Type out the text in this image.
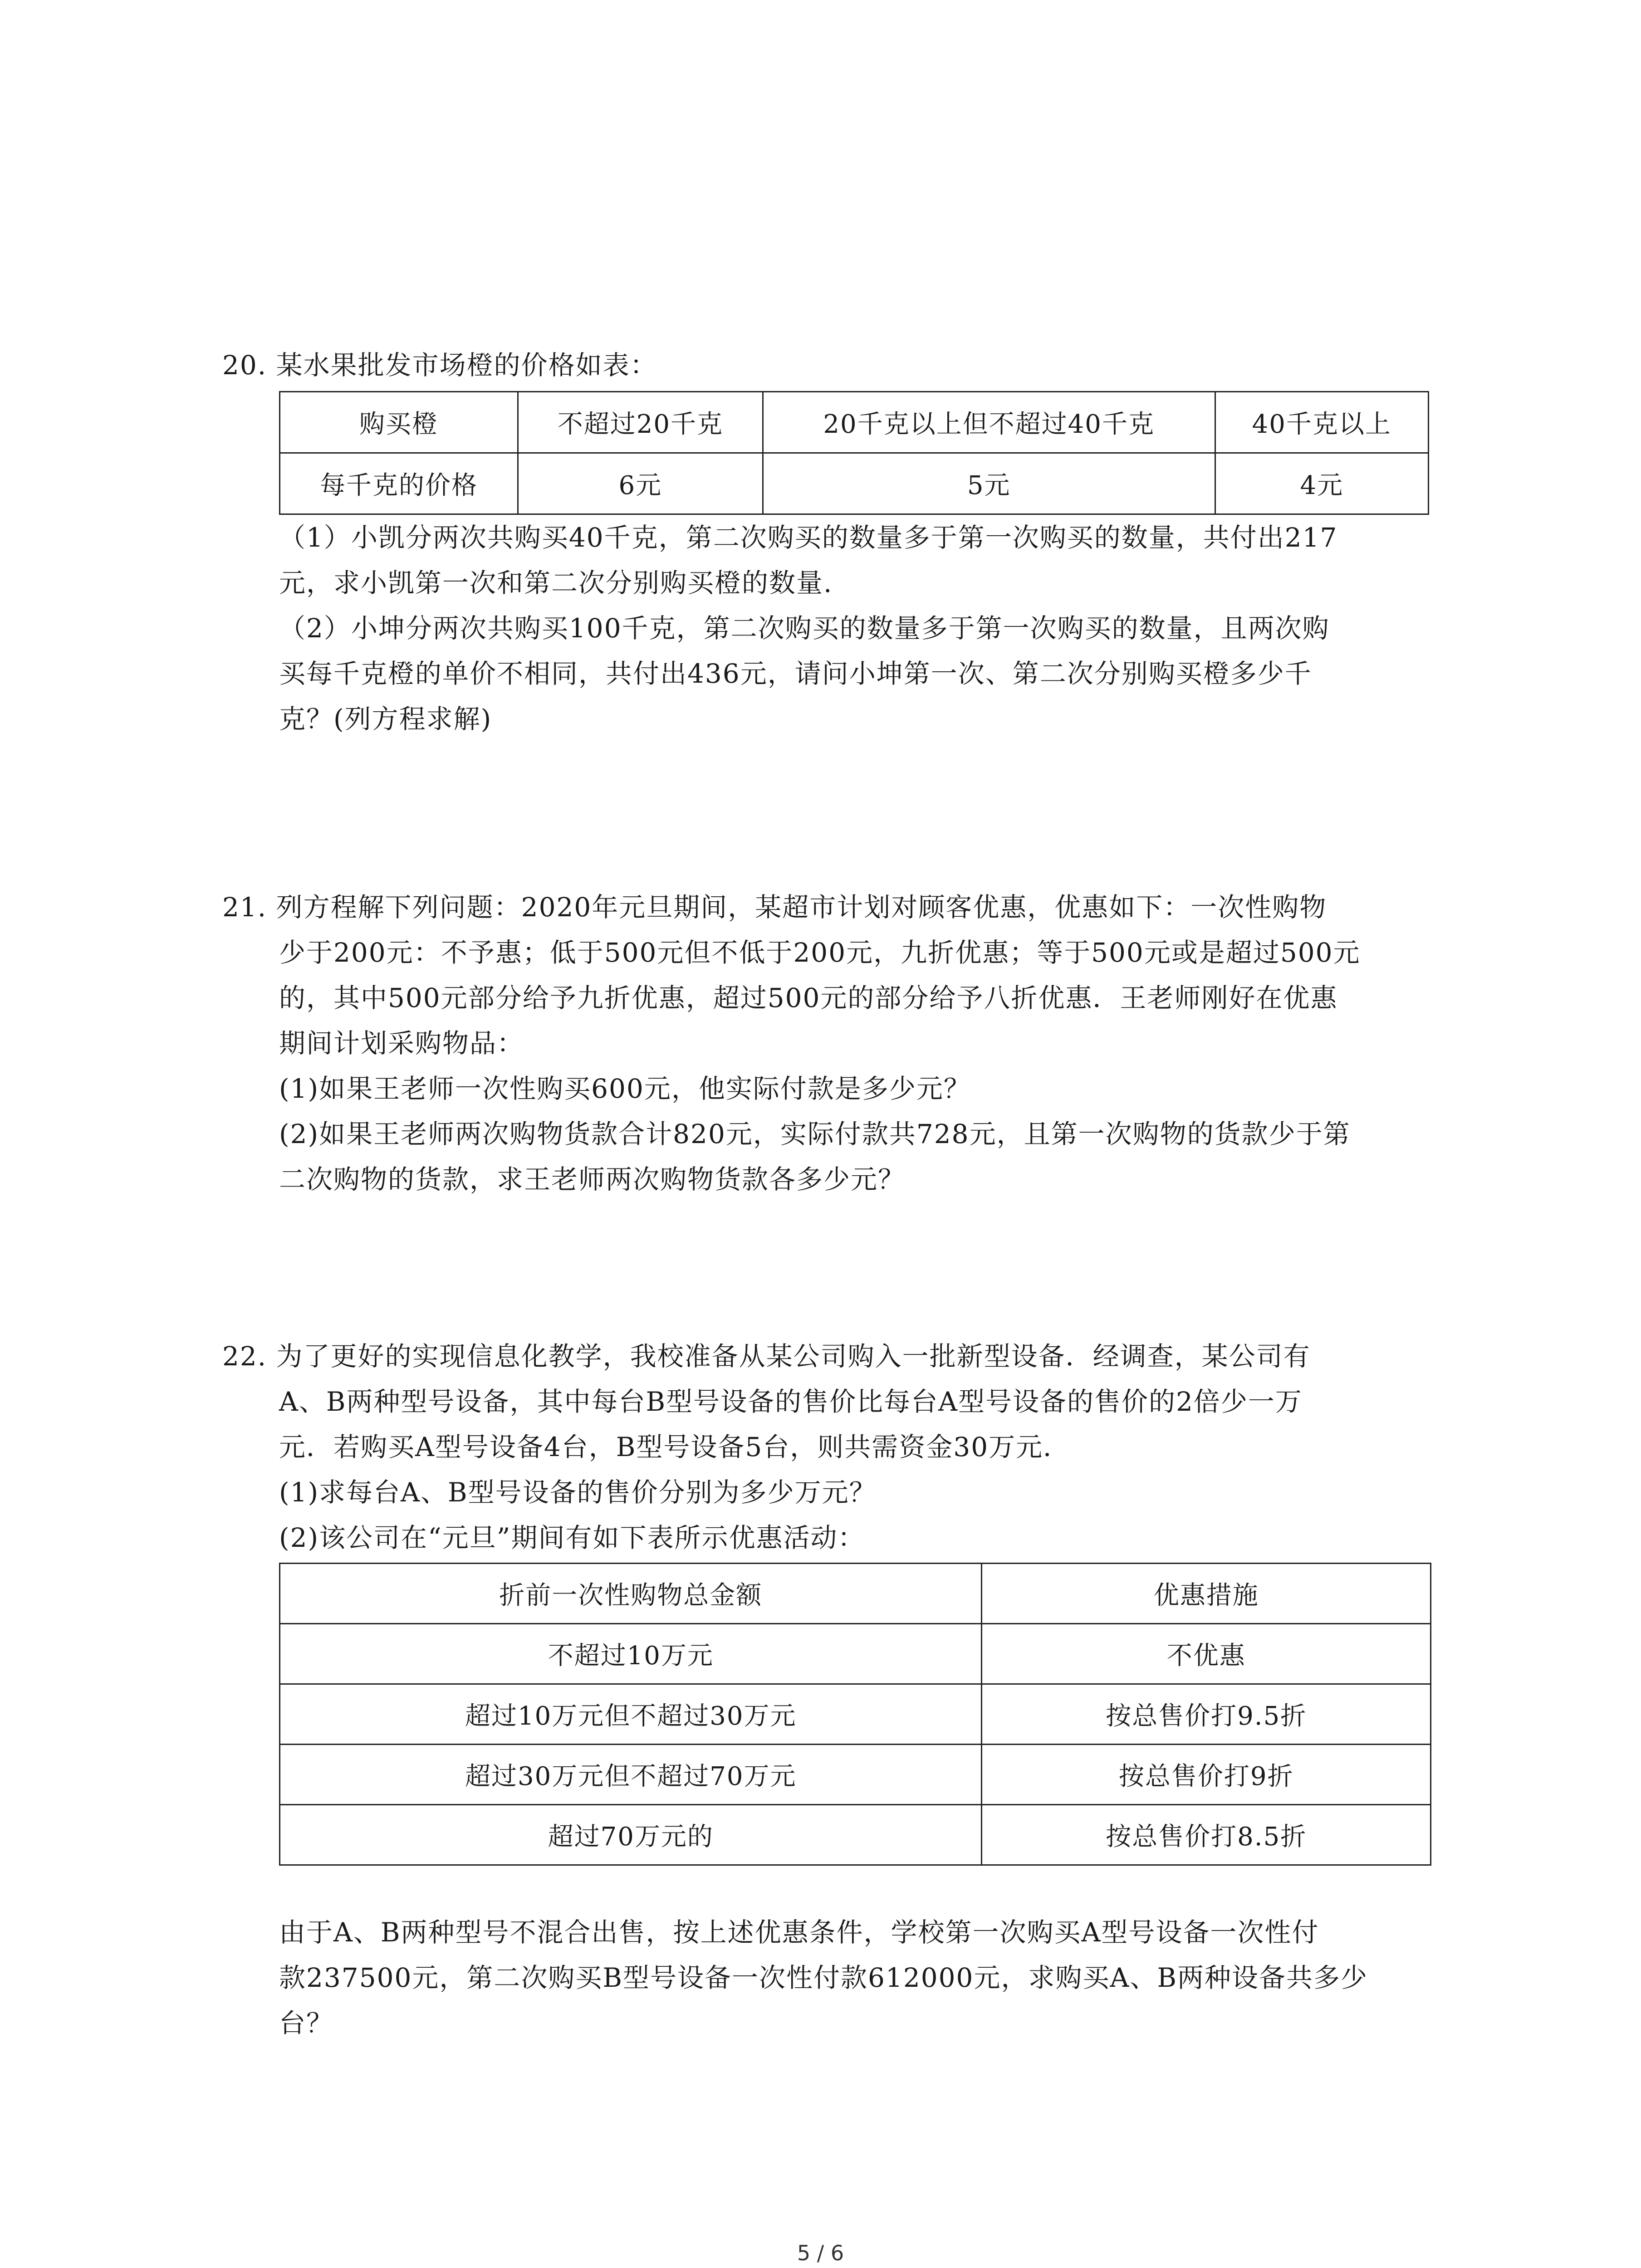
20. 某水果批发市场橙的价格如表：
购买橙	不超过20千克	20千克以上但不超过40千克	40千克以上
每千克的价格	6元	5元	4元
（1）小凯分两次共购买40千克，第二次购买的数量多于第一次购买的数量，共付出217
元，求小凯第一次和第二次分别购买橙的数量.
（2）小坤分两次共购买100千克，第二次购买的数量多于第一次购买的数量，且两次购
买每千克橙的单价不相同，共付出436元，请问小坤第一次、第二次分别购买橙多少千
克？(列方程求解)
21. 列方程解下列问题：2020年元旦期间，某超市计划对顾客优惠，优惠如下：一次性购物
少于200元：不予惠；低于500元但不低于200元，九折优惠；等于500元或是超过500元
的，其中500元部分给予九折优惠，超过500元的部分给予八折优惠．王老师刚好在优惠
期间计划采购物品：
(1)如果王老师一次性购买600元，他实际付款是多少元？
(2)如果王老师两次购物货款合计820元，实际付款共728元，且第一次购物的货款少于第
二次购物的货款，求王老师两次购物货款各多少元？
22. 为了更好的实现信息化教学，我校准备从某公司购入一批新型设备．经调查，某公司有
A、B两种型号设备，其中每台B型号设备的售价比每台A型号设备的售价的2倍少一万
元．若购买A型号设备4台，B型号设备5台，则共需资金30万元．
(1)求每台A、B型号设备的售价分别为多少万元？
(2)该公司在“元旦”期间有如下表所示优惠活动：
折前一次性购物总金额	优惠措施
不超过10万元	不优惠
超过10万元但不超过30万元	按总售价打9.5折
超过30万元但不超过70万元	按总售价打9折
超过70万元的	按总售价打8.5折
由于A、B两种型号不混合出售，按上述优惠条件，学校第一次购买A型号设备一次性付
款237500元，第二次购买B型号设备一次性付款612000元，求购买A、B两种设备共多少
台？
5 / 6
